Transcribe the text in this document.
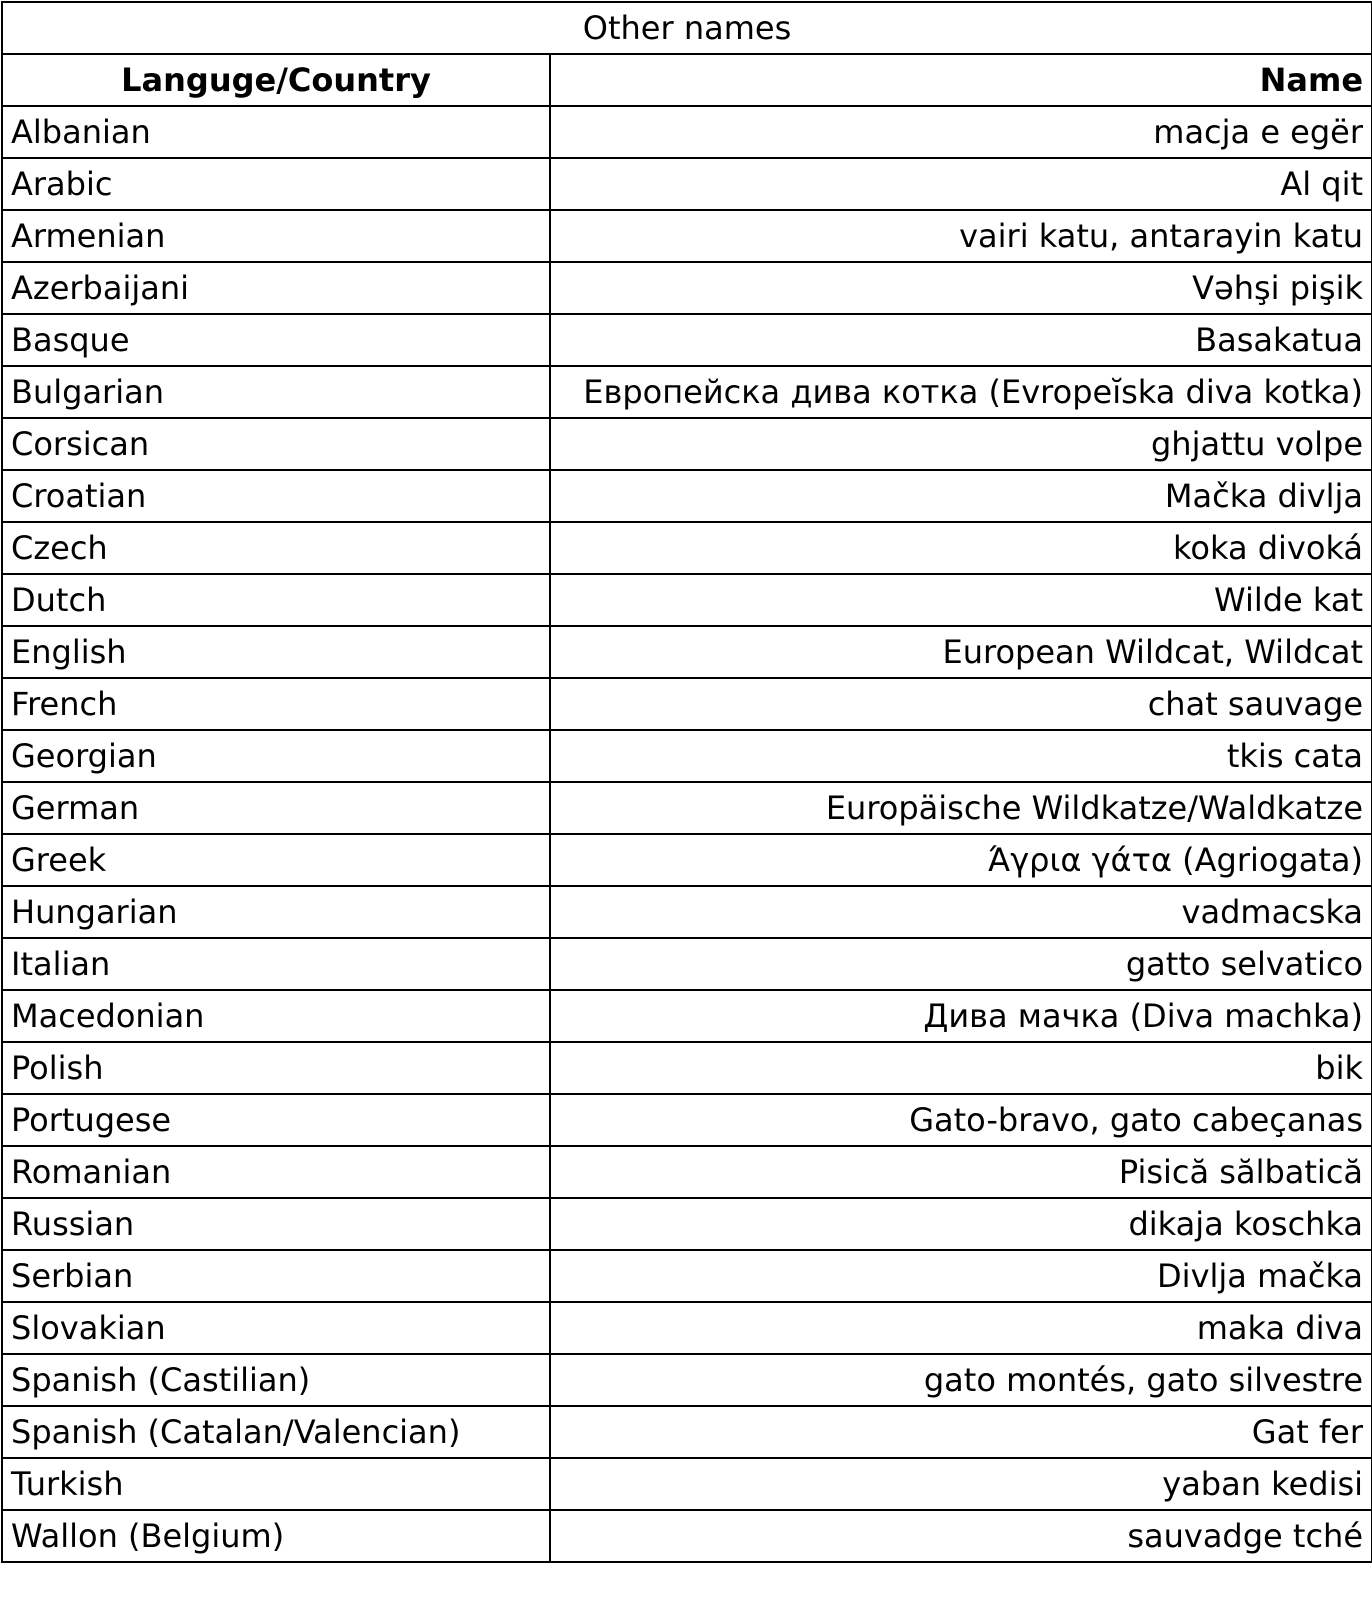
Other names	
Languge/Country	Name
Albanian	macja e egër
Arabic	Al qit
Armenian	vairi katu, antarayin katu
Azerbaijani	Vəhşi pişik
Basque	Basakatua
Bulgarian	Европейска дива котка (Evropeĭska diva kotka)
Corsican	ghjattu volpe
Croatian	Mačka divlja
Czech	koka divoká
Dutch	Wilde kat
English	European Wildcat, Wildcat
French	chat sauvage
Georgian	tkis cata
German	Europäische Wildkatze/Waldkatze
Greek	Άγρια γάτα (Agriogata)
Hungarian	vadmacska
Italian	gatto selvatico
Macedonian	Дива мачка (Diva machka)
Polish	bik
Portugese	Gato-bravo, gato cabeçanas
Romanian	Pisică sălbatică
Russian	dikaja koschka
Serbian	Divlja mačka
Slovakian	maka diva
Spanish (Castilian)	gato montés, gato silvestre
Spanish (Catalan/Valencian)	Gat fer
Turkish	yaban kedisi
Wallon (Belgium)	sauvadge tché
